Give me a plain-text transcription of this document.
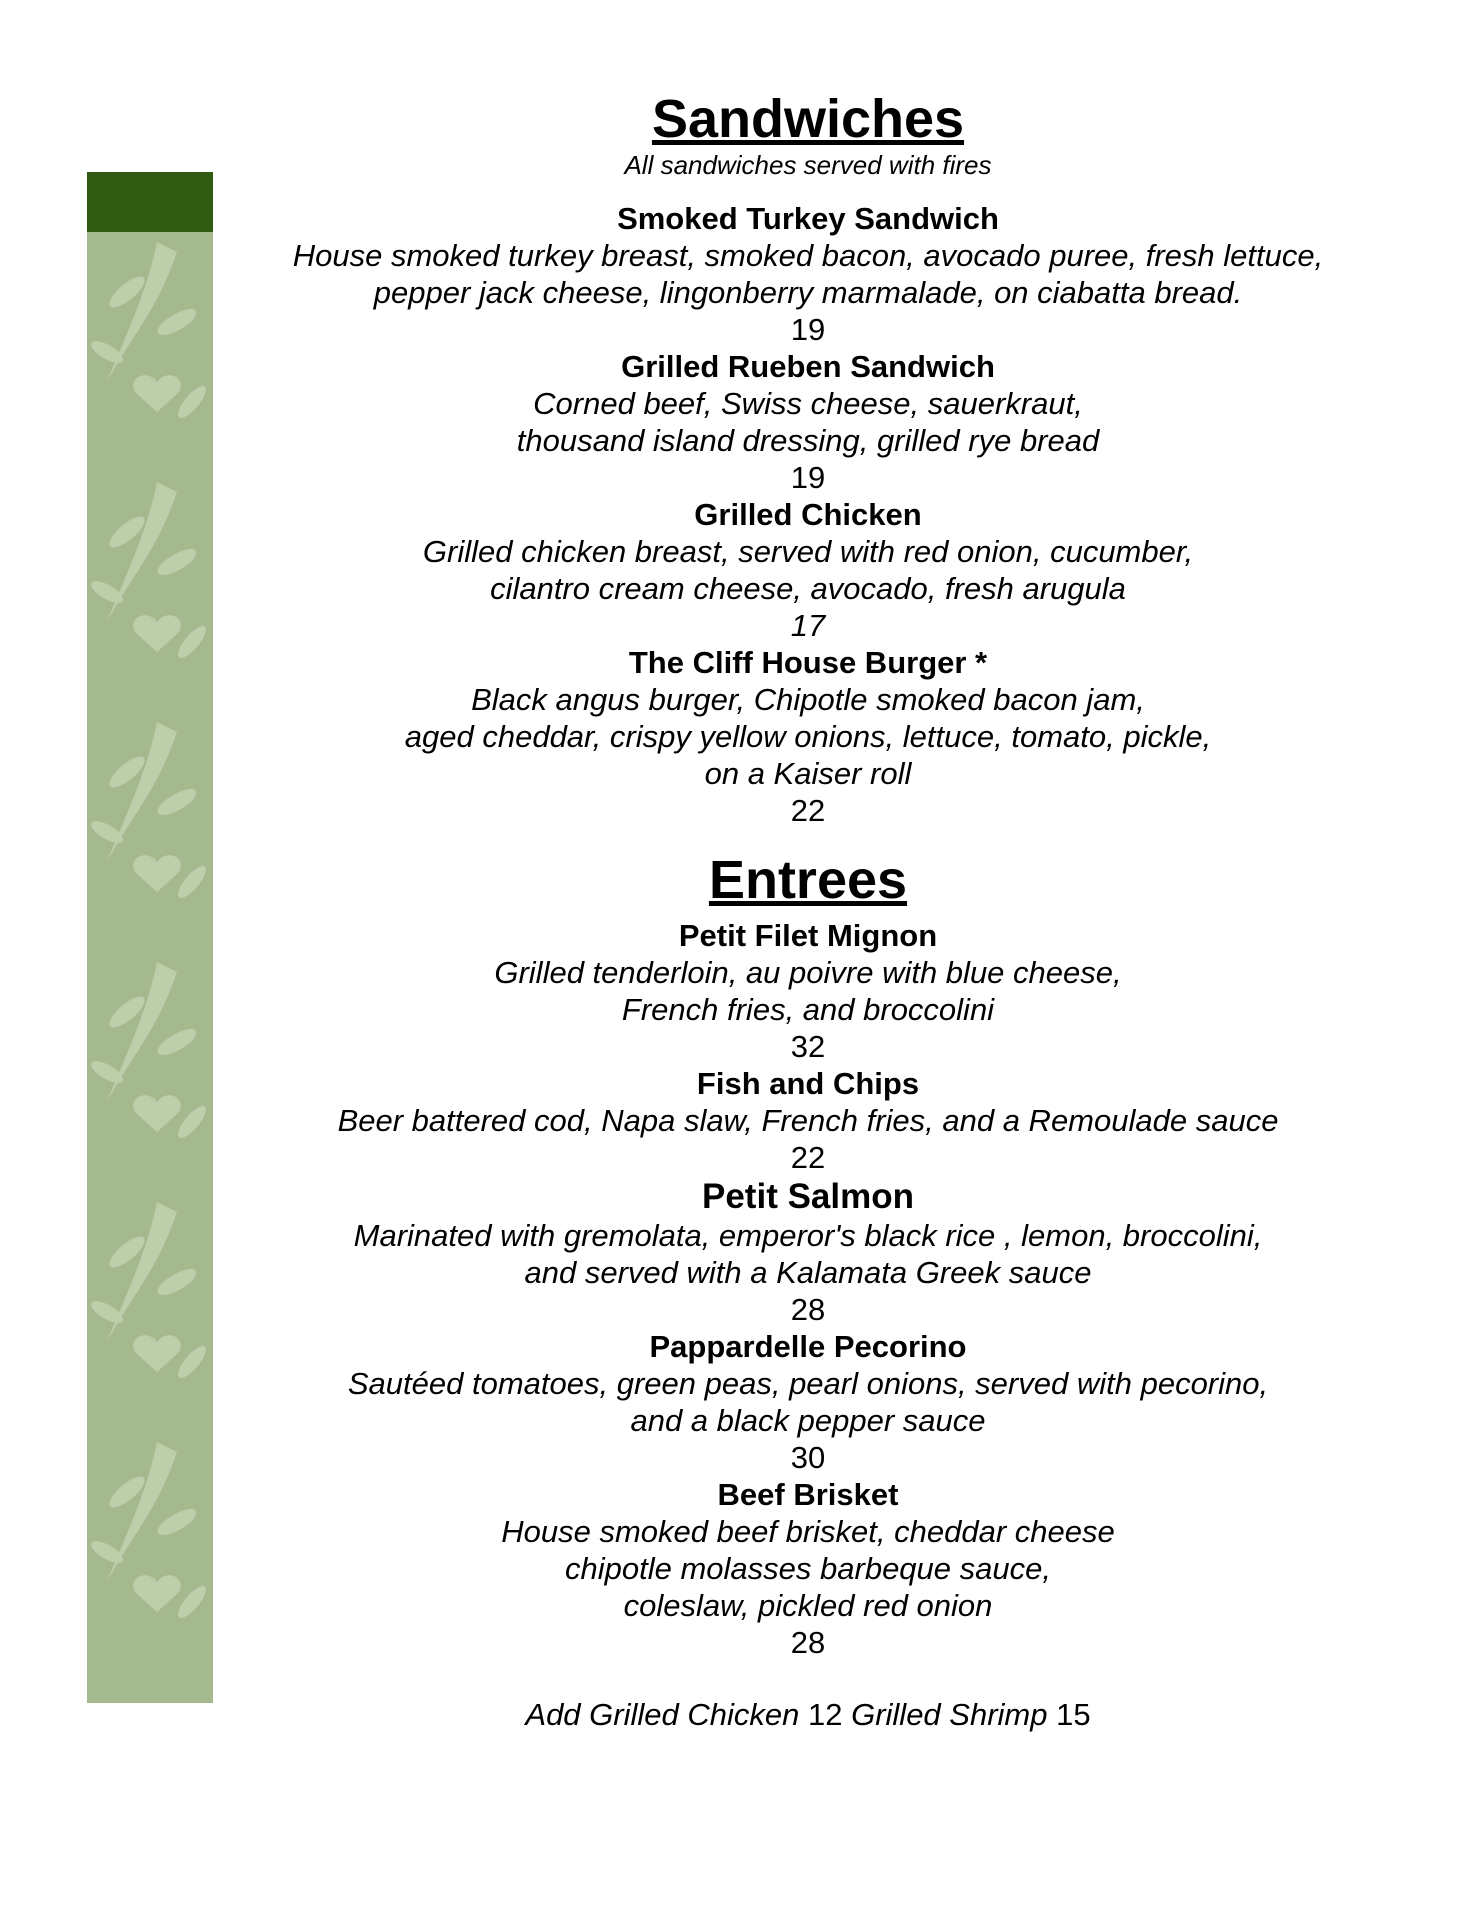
Sandwiches

All sandwiches served with fires

Smoked Turkey Sandwich

House smoked turkey breast, smoked bacon, avocado puree, fresh lettuce,
pepper jack cheese, lingonberry marmalade, on ciabatta bread.

19

Grilled Rueben Sandwich

Corned beef, Swiss cheese, sauerkraut,
thousand island dressing, grilled rye bread

19

Grilled Chicken

Grilled chicken breast, served with red onion, cucumber,
cilantro cream cheese, avocado, fresh arugula

17

The Cliff House Burger *

Black angus burger, Chipotle smoked bacon jam,
aged cheddar, crispy yellow onions, lettuce, tomato, pickle,
on a Kaiser roll

22

Entrees

Petit Filet Mignon

Grilled tenderloin, au poivre with blue cheese,
French fries, and broccolini

32

Fish and Chips

Beer battered cod, Napa slaw, French fries, and a Remoulade sauce

22

Petit Salmon

Marinated with gremolata, emperor's black rice , lemon, broccolini,
and served with a Kalamata Greek sauce

28

Pappardelle Pecorino

Sautéed tomatoes, green peas, pearl onions, served with pecorino,
and a black pepper sauce

30

Beef Brisket

House smoked beef brisket, cheddar cheese
chipotle molasses barbeque sauce,
coleslaw, pickled red onion

28

Add Grilled Chicken 12 Grilled Shrimp 15
